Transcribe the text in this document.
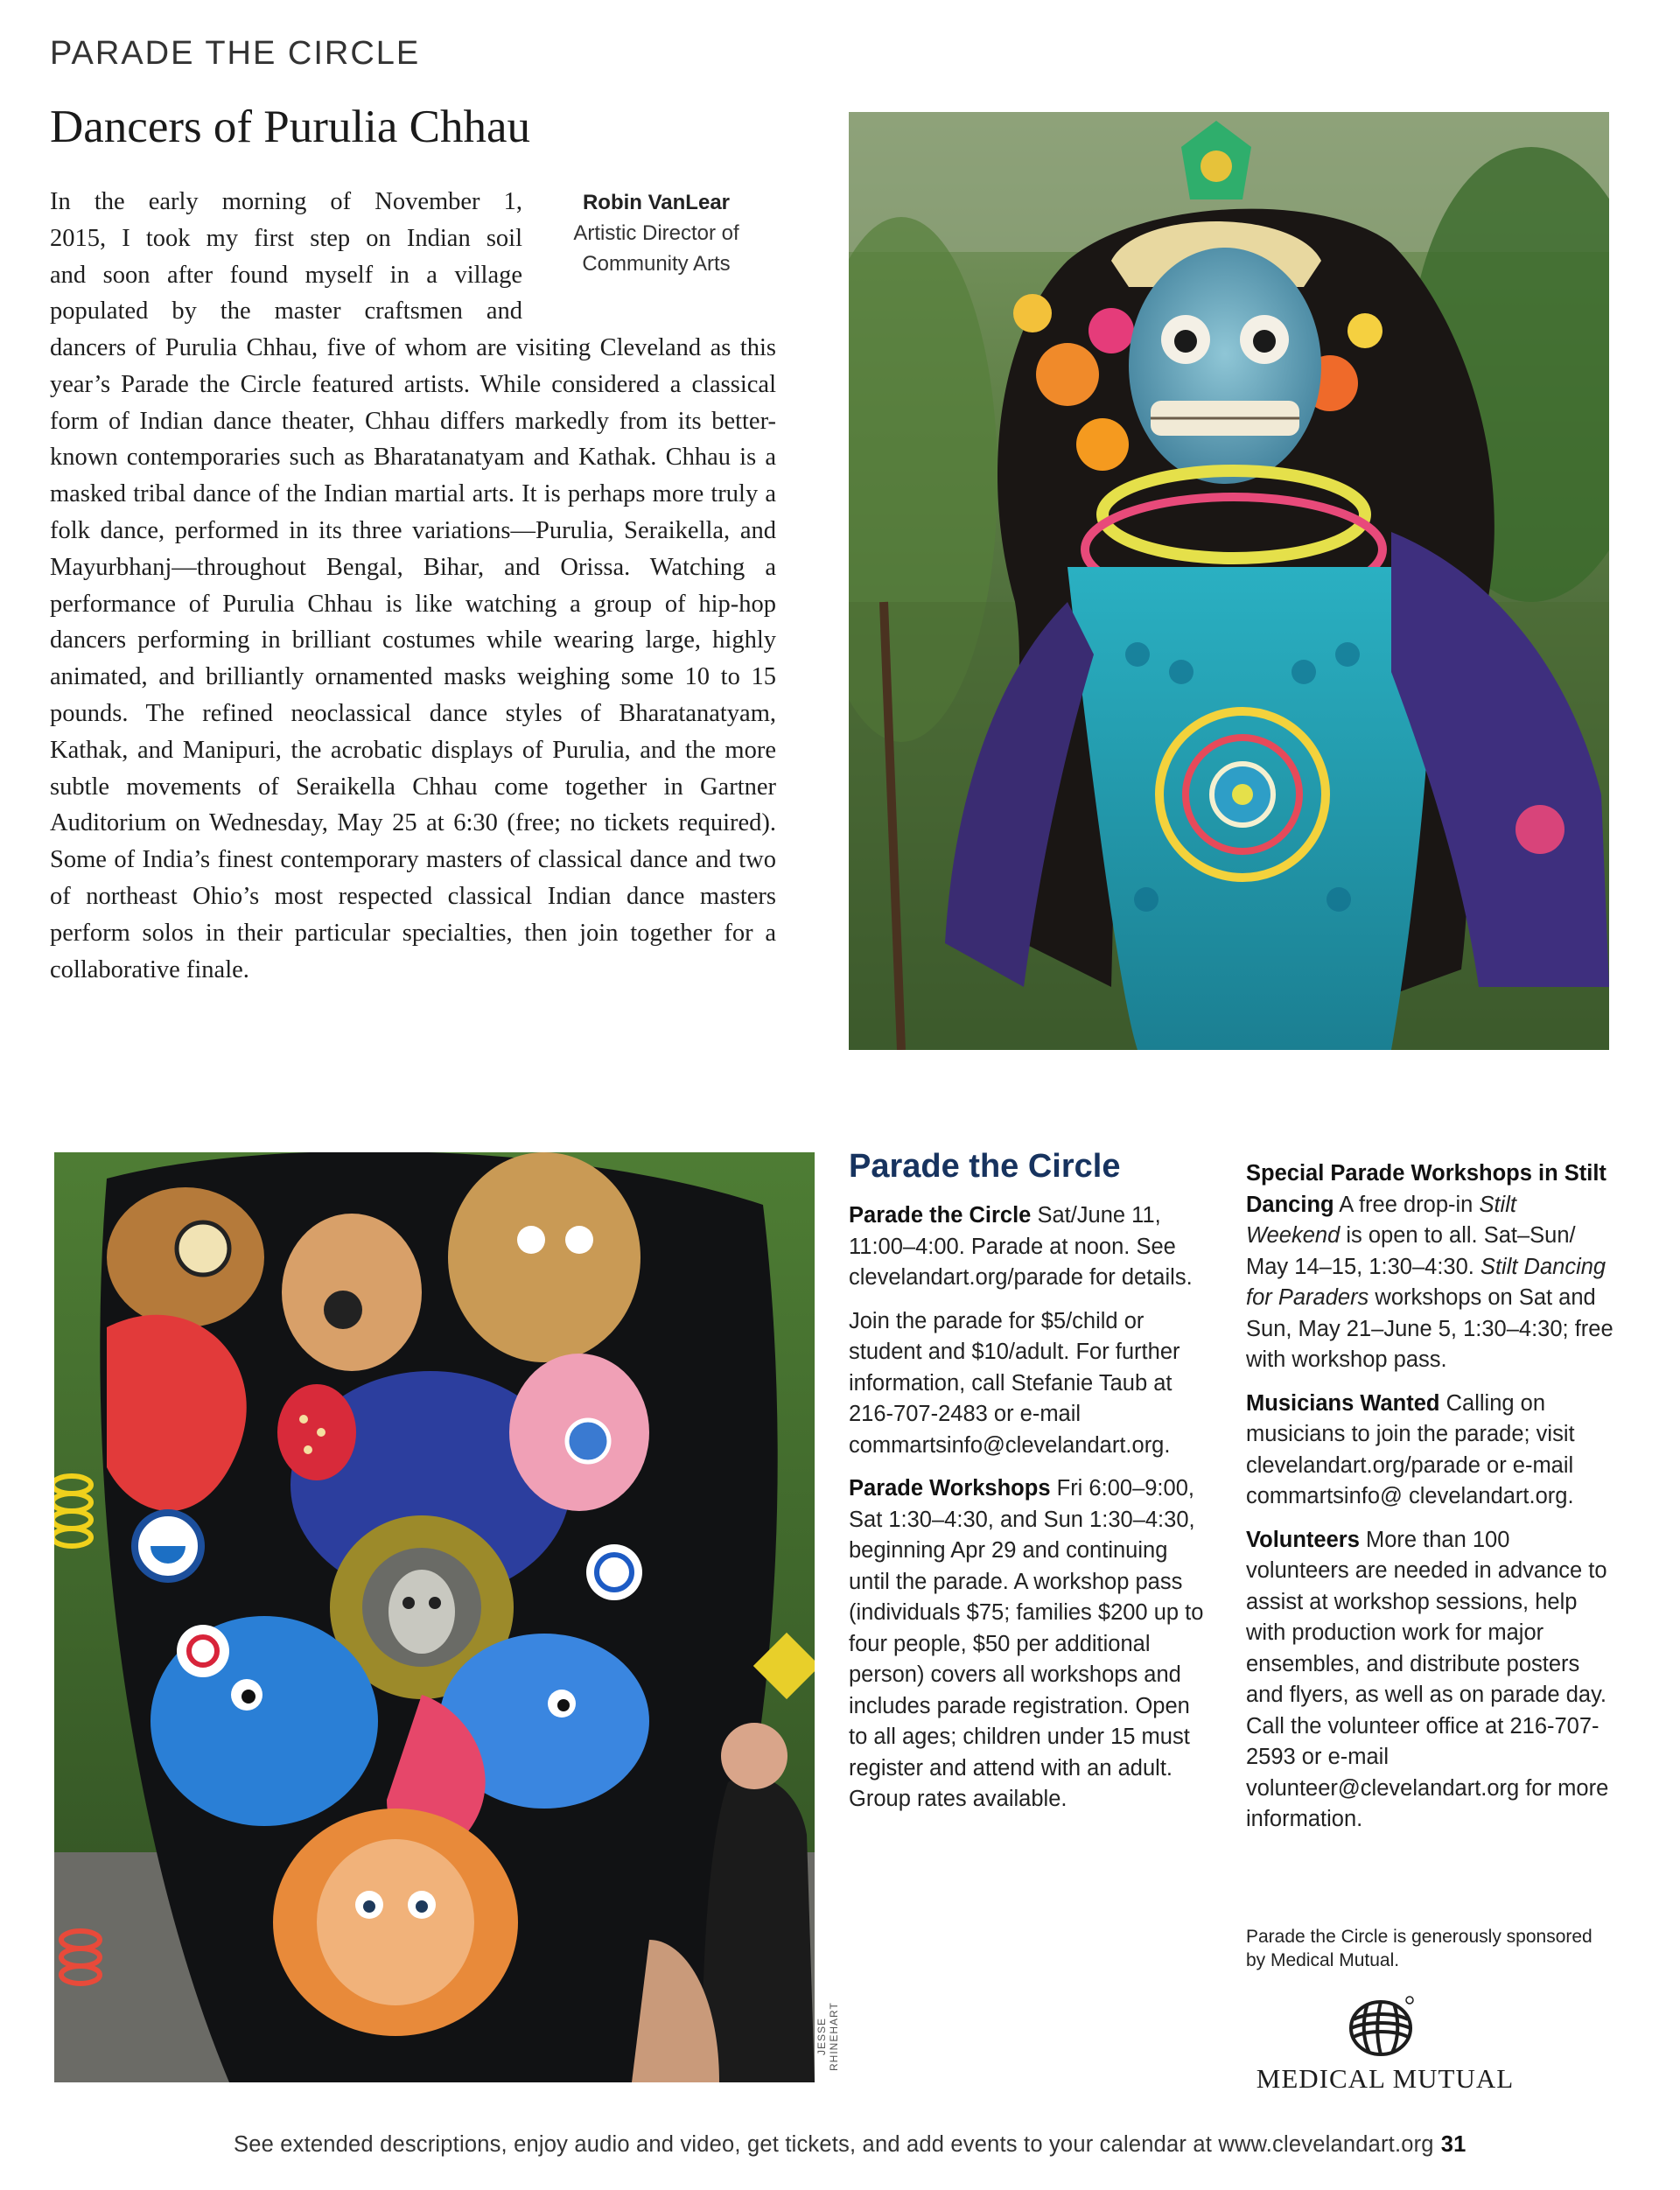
PARADE THE CIRCLE
Dancers of Purulia Chhau
Robin VanLear
Artistic Director of
Community Arts
In the early morning of November 1,
2015, I took my first step on Indian soil
and soon after found myself in a village
populated by the master craftsmen and

dancers of Purulia Chhau, five of whom are visiting Cleveland as this year’s Parade the Circle featured artists. While considered a classical form of Indian dance theater, Chhau differs markedly from its better-known contemporaries such as Bharatanatyam and Kathak. Chhau is a masked tribal dance of the Indian martial arts. It is perhaps more truly a folk dance, performed in its three variations—Purulia, Seraikella, and Mayurbhanj—throughout Bengal, Bihar, and Orissa. Watching a performance of Purulia Chhau is like watching a group of hip-hop dancers performing in brilliant costumes while wearing large, highly animated, and brilliantly ornamented masks weighing some 10 to 15 pounds. The refined neoclassical dance styles of Bharatanatyam, Kathak, and Manipuri, the acrobatic displays of Purulia, and the more subtle movements of Seraikella Chhau come together in Gartner Auditorium on Wednesday, May 25 at 6:30 (free; no tickets required). Some of India’s finest contemporary masters of classical dance and two of northeast Ohio’s most respected classical Indian dance masters perform solos in their particular specialties, then join together for a collaborative finale.

JESSE RHINEHART
Parade the Circle

Parade the Circle Sat/June 11, 11:00–4:00. Parade at noon. See clevelandart.org/parade for details.

Join the parade for $5/child or student and $10/adult. For further information, call Stefanie Taub at 216-707-2483 or e-mail commartsinfo@clevelandart.org.

Parade Workshops Fri 6:00–9:00, Sat 1:30–4:30, and Sun 1:30–4:30, beginning Apr 29 and continuing until the parade. A workshop pass (individuals $75; families $200 up to four people, $50 per additional person) covers all workshops and includes parade registration. Open to all ages; children under 15 must register and attend with an adult. Group rates available.

Special Parade Workshops in Stilt Dancing A free drop-in Stilt Weekend is open to all. Sat–Sun/ May 14–15, 1:30–4:30. Stilt Dancing for Paraders workshops on Sat and Sun, May 21–June 5, 1:30–4:30; free with workshop pass.

Musicians Wanted Calling on musicians to join the parade; visit clevelandart.org/parade or e-mail commartsinfo@ clevelandart.org.

Volunteers More than 100 volunteers are needed in advance to assist at workshop sessions, help with production work for major ensembles, and distribute posters and flyers, as well as on parade day. Call the volunteer office at 216-707-2593 or e-mail volunteer@clevelandart.org for more information.

Parade the Circle is generously sponsored by Medical Mutual.
MEDICAL MUTUAL
See extended descriptions, enjoy audio and video, get tickets, and add events to your calendar at www.clevelandart.org 31
